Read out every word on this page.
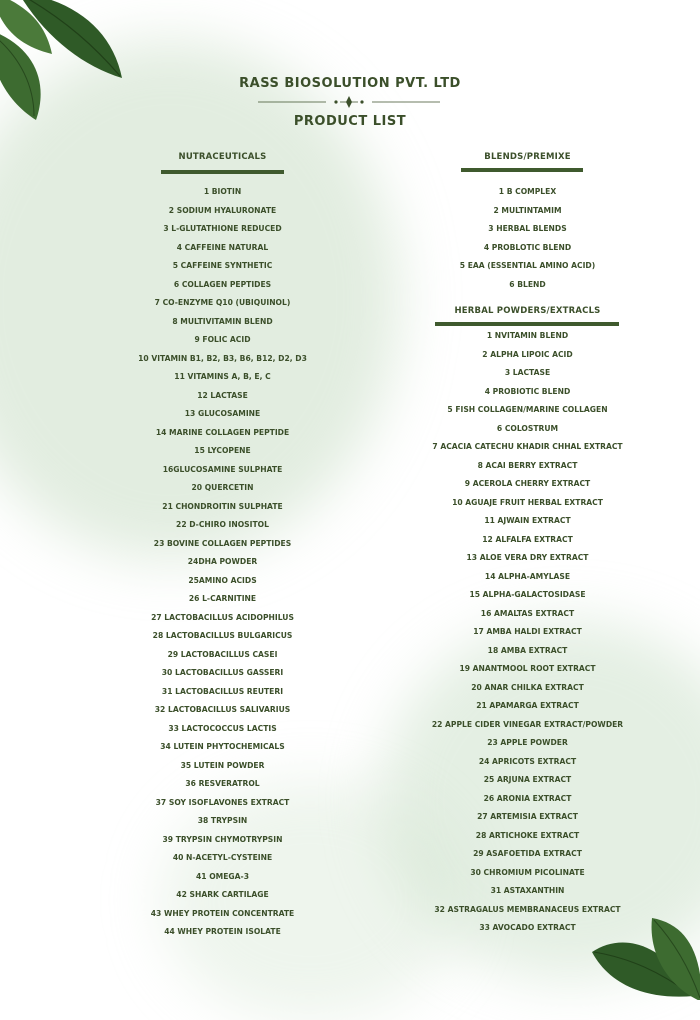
RASS BIOSOLUTION PVT. LTD
PRODUCT LIST
NUTRACEUTICALS
1 BIOTIN
2 SODIUM HYALURONATE
3 L-GLUTATHIONE REDUCED
4 CAFFEINE NATURAL
5 CAFFEINE SYNTHETIC
6 COLLAGEN PEPTIDES
7 CO-ENZYME Q10 (UBIQUINOL)
8 MULTIVITAMIN BLEND
9 FOLIC ACID
10 VITAMIN B1, B2, B3, B6, B12, D2, D3
11 VITAMINS A, B, E, C
12 LACTASE
13 GLUCOSAMINE
14 MARINE COLLAGEN PEPTIDE
15 LYCOPENE
16GLUCOSAMINE SULPHATE
20 QUERCETIN
21 CHONDROITIN SULPHATE
22 D-CHIRO INOSITOL
23 BOVINE COLLAGEN PEPTIDES
24DHA POWDER
25AMINO ACIDS
26 L-CARNITINE
27 LACTOBACILLUS ACIDOPHILUS
28 LACTOBACILLUS BULGARICUS
29 LACTOBACILLUS CASEI
30 LACTOBACILLUS GASSERI
31 LACTOBACILLUS REUTERI
32 LACTOBACILLUS SALIVARIUS
33 LACTOCOCCUS LACTIS
34 LUTEIN PHYTOCHEMICALS
35 LUTEIN POWDER
36 RESVERATROL
37 SOY ISOFLAVONES EXTRACT
38 TRYPSIN
39 TRYPSIN CHYMOTRYPSIN
40 N-ACETYL-CYSTEINE
41 OMEGA-3
42 SHARK CARTILAGE
43 WHEY PROTEIN CONCENTRATE
44 WHEY PROTEIN ISOLATE
BLENDS/PREMIXE
1 B COMPLEX
2 MULTINTAMIM
3 HERBAL BLENDS
4 PROBLOTIC BLEND
5 EAA (ESSENTIAL AMINO ACID)
6 BLEND
HERBAL POWDERS/EXTRACLS
1 NVITAMIN BLEND
2 ALPHA LIPOIC ACID
3 LACTASE
4 PROBIOTIC BLEND
5 FISH COLLAGEN/MARINE COLLAGEN
6 COLOSTRUM
7 ACACIA CATECHU KHADIR CHHAL EXTRACT
8 ACAI BERRY EXTRACT
9 ACEROLA CHERRY EXTRACT
10 AGUAJE FRUIT HERBAL EXTRACT
11 AJWAIN EXTRACT
12 ALFALFA EXTRACT
13 ALOE VERA DRY EXTRACT
14 ALPHA-AMYLASE
15 ALPHA-GALACTOSIDASE
16 AMALTAS EXTRACT
17 AMBA HALDI EXTRACT
18 AMBA EXTRACT
19 ANANTMOOL ROOT EXTRACT
20 ANAR CHILKA EXTRACT
21 APAMARGA EXTRACT
22 APPLE CIDER VINEGAR EXTRACT/POWDER
23 APPLE POWDER
24 APRICOTS EXTRACT
25 ARJUNA EXTRACT
26 ARONIA EXTRACT
27 ARTEMISIA EXTRACT
28 ARTICHOKE EXTRACT
29 ASAFOETIDA EXTRACT
30 CHROMIUM PICOLINATE
31 ASTAXANTHIN
32 ASTRAGALUS MEMBRANACEUS EXTRACT
33 AVOCADO EXTRACT
